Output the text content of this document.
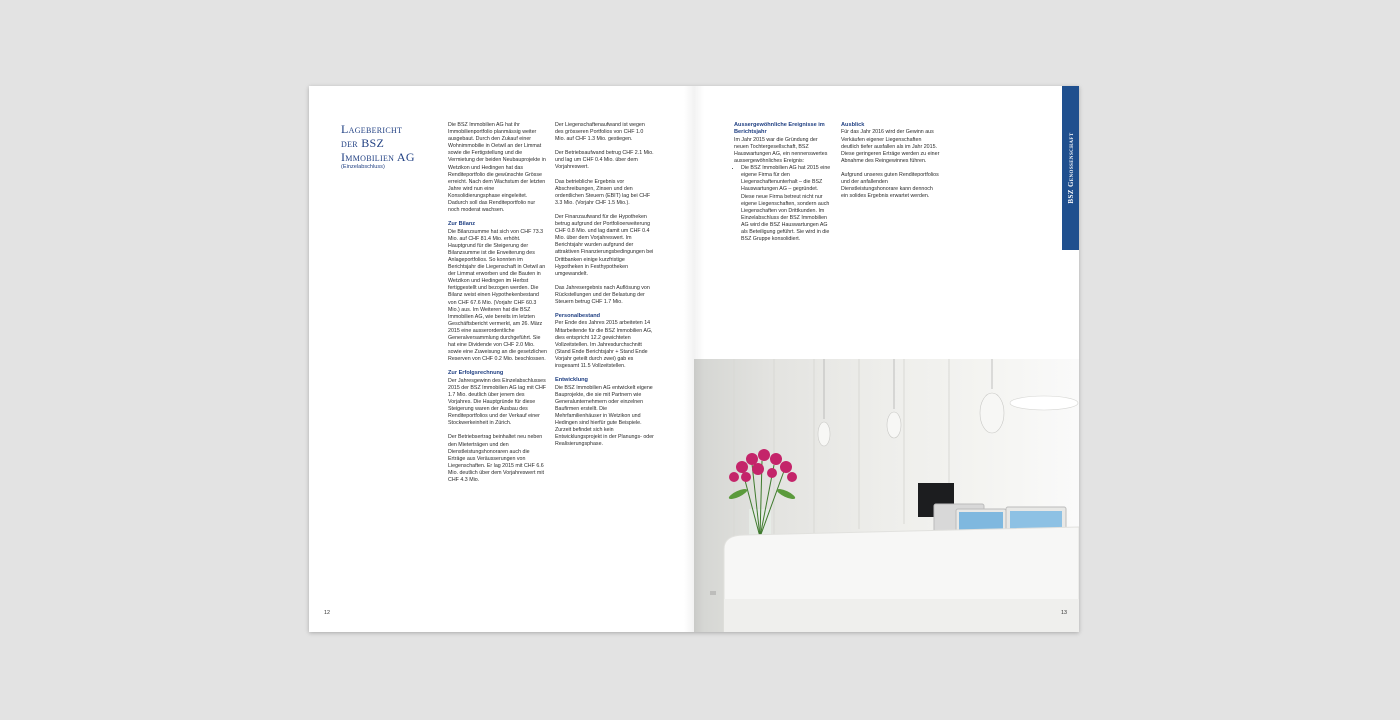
Lagebericht
der BSZ
Immobilien AG
(Einzelabschluss)

Die BSZ Immobilien AG hat ihr Immobilienportfolio planmässig weiter ausgebaut. Durch den Zukauf einer Wohnimmobilie in Oetwil an der Limmat sowie die Fertigstellung und die Vermietung der beiden Neubauprojekte in Wetzikon und Hedingen hat das Renditeportfolio die gewünschte Grösse erreicht. Nach dem Wachstum der letzten Jahre wird nun eine Konsolidierungsphase eingeleitet. Dadurch soll das Renditeportfolio nur noch moderat wachsen.

Zur Bilanz

Die Bilanzsumme hat sich von CHF 73.3 Mio. auf CHF 81.4 Mio. erhöht. Hauptgrund für die Steigerung der Bilanzsumme ist die Erweiterung des Anlageportfolios. So konnten im Berichtsjahr die Liegenschaft in Oetwil an der Limmat erworben und die Bauten in Wetzikon und Hedingen im Herbst fertiggestellt und bezogen werden. Die Bilanz weist einen Hypothekenbestand von CHF 67.6 Mio. (Vorjahr CHF 60.3 Mio.) aus. Im Weiteren hat die BSZ Immobilien AG, wie bereits im letzten Geschäftsbericht vermerkt, am 26. März 2015 eine ausserordentliche Generalversammlung durchgeführt. Sie hat eine Dividende von CHF 2.0 Mio. sowie eine Zuweisung an die gesetzlichen Reserven von CHF 0.2 Mio. beschlossen.

Zur Erfolgsrechnung

Der Jahresgewinn des Einzelabschlusses 2015 der BSZ Immobilien AG lag mit CHF 1.7 Mio. deutlich über jenem des Vorjahres. Die Hauptgründe für diese Steigerung waren der Ausbau des Renditeportfolios und der Verkauf einer Stockwerkeinheit in Zürich.

Der Betriebsertrag beinhaltet neu neben den Mieterträgen und den Dienstleistungshonoraren auch die Erträge aus Veräusserungen von Liegenschaften. Er lag 2015 mit CHF 6.6 Mio. deutlich über dem Vorjahreswert mit CHF 4.3 Mio.

Der Liegenschaftenaufwand ist wegen des grösseren Portfolios von CHF 1.0 Mio. auf CHF 1.3 Mio. gestiegen.

Der Betriebsaufwand betrug CHF 2.1 Mio. und lag um CHF 0.4 Mio. über dem Vorjahreswert.

Das betriebliche Ergebnis vor Abschreibungen, Zinsen und den ordentlichen Steuern (EBIT) lag bei CHF 3.3 Mio. (Vorjahr CHF 1.5 Mio.).

Der Finanzaufwand für die Hypotheken betrug aufgrund der Portfolioerweiterung CHF 0.8 Mio. und lag damit um CHF 0.4 Mio. über dem Vorjahreswert. Im Berichtsjahr wurden aufgrund der attraktiven Finanzierungsbedingungen bei Drittbanken einige kurzfristige Hypotheken in Festhypotheken umgewandelt.

Das Jahresergebnis nach Auflösung von Rückstellungen und der Belastung der Steuern betrug CHF 1.7 Mio.

Personalbestand

Per Ende des Jahres 2015 arbeiteten 14 Mitarbeitende für die BSZ Immobilien AG, dies entspricht 12.2 gewichteten Vollzeitstellen. Im Jahresdurchschnitt (Stand Ende Berichtsjahr + Stand Ende Vorjahr geteilt durch zwei) gab es insgesamt 11.5 Vollzeitstellen.

Entwicklung

Die BSZ Immobilien AG entwickelt eigene Bauprojekte, die sie mit Partnern wie Generalunternehmern oder einzelnen Baufirmen erstellt. Die Mehrfamilienhäuser in Wetzikon und Hedingen sind hierfür gute Beispiele. Zurzeit befindet sich kein Entwicklungsprojekt in der Planungs- oder Realisierungsphase.

12
Aussergewöhnliche Ereignisse im Berichtsjahr

Im Jahr 2015 war die Gründung der neuen Tochtergesellschaft, BSZ Hauswartungen AG, ein nennenswertes aussergewöhnliches Ereignis:

• Die BSZ Immobilien AG hat 2015 eine eigene Firma für den Liegenschaftenunterhalt – die BSZ Hauswartungen AG – gegründet. Diese neue Firma betreut nicht nur eigene Liegenschaften, sondern auch Liegenschaften von Drittkunden. Im Einzelabschluss der BSZ Immobilien AG wird die BSZ Hauswartungen AG als Beteiligung geführt. Sie wird in die BSZ Gruppe konsolidiert.
Ausblick

Für das Jahr 2016 wird der Gewinn aus Verkäufen eigener Liegenschaften deutlich tiefer ausfallen als im Jahr 2015. Diese geringeren Erträge werden zu einer Abnahme des Reingewinnes führen.

Aufgrund unseres guten Renditeportfolios und der anfallenden Dienstleistungshonorare kann dennoch ein solides Ergebnis erwartet werden.	BSZ Genossenschaft
13
